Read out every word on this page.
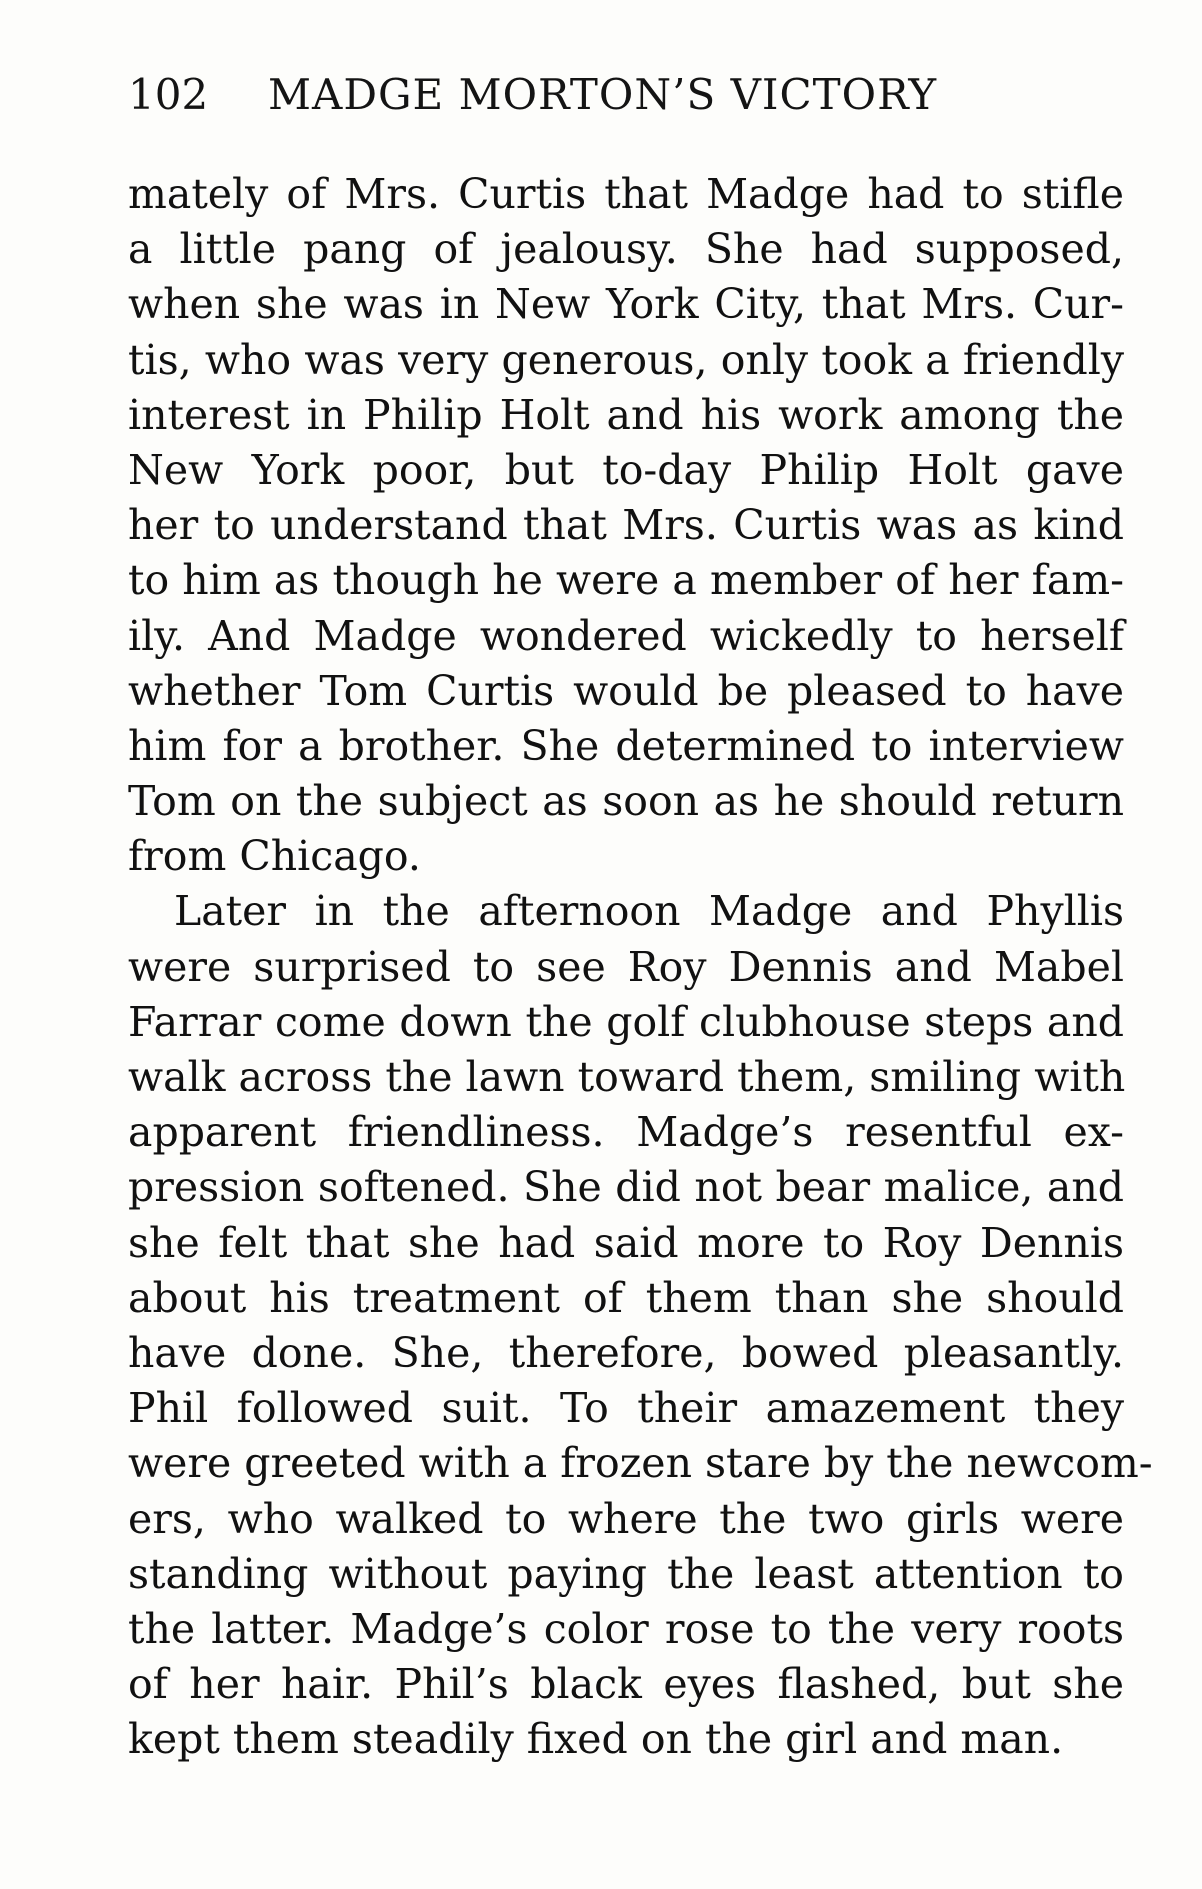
102 MADGE MORTON’S VICTORY
mately of Mrs. Curtis that Madge had to stifle
a little pang of jealousy. She had supposed,
when she was in New York City, that Mrs. Cur-
tis, who was very generous, only took a friendly
interest in Philip Holt and his work among the
New York poor, but to-day Philip Holt gave
her to understand that Mrs. Curtis was as kind
to him as though he were a member of her fam-
ily. And Madge wondered wickedly to herself
whether Tom Curtis would be pleased to have
him for a brother. She determined to interview
Tom on the subject as soon as he should return
from Chicago.
Later in the afternoon Madge and Phyllis
were surprised to see Roy Dennis and Mabel
Farrar come down the golf clubhouse steps and
walk across the lawn toward them, smiling with
apparent friendliness. Madge’s resentful ex-
pression softened. She did not bear malice, and
she felt that she had said more to Roy Dennis
about his treatment of them than she should
have done. She, therefore, bowed pleasantly.
Phil followed suit. To their amazement they
were greeted with a frozen stare by the newcom-
ers, who walked to where the two girls were
standing without paying the least attention to
the latter. Madge’s color rose to the very roots
of her hair. Phil’s black eyes flashed, but she
kept them steadily fixed on the girl and man.
